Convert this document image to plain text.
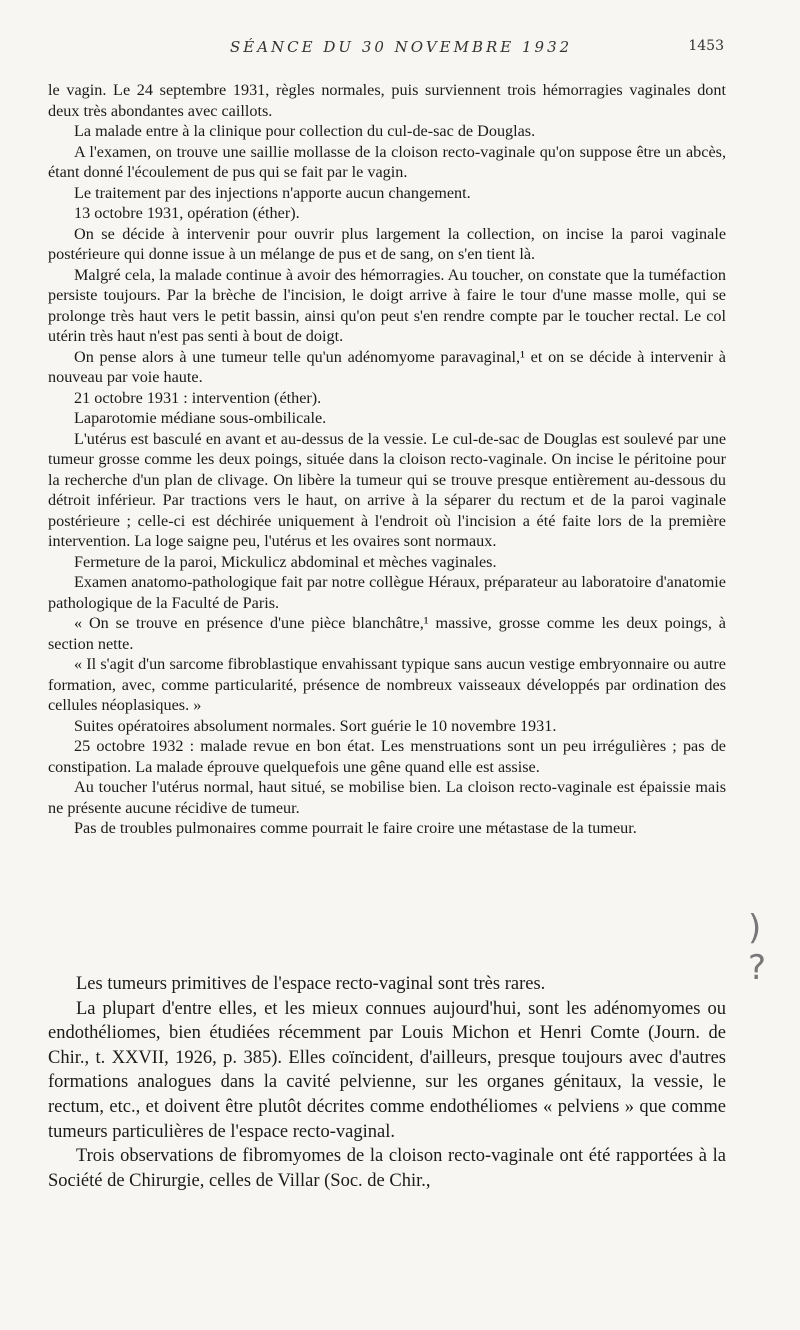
SÉANCE DU 30 NOVEMBRE 1932	1453

le vagin. Le 24 septembre 1931, règles normales, puis surviennent trois hémorragies vaginales dont deux très abondantes avec caillots.

La malade entre à la clinique pour collection du cul-de-sac de Douglas.

A l'examen, on trouve une saillie mollasse de la cloison recto-vaginale qu'on suppose être un abcès, étant donné l'écoulement de pus qui se fait par le vagin.

Le traitement par des injections n'apporte aucun changement.

13 octobre 1931, opération (éther).

On se décide à intervenir pour ouvrir plus largement la collection, on incise la paroi vaginale postérieure qui donne issue à un mélange de pus et de sang, on s'en tient là.

Malgré cela, la malade continue à avoir des hémorragies. Au toucher, on constate que la tuméfaction persiste toujours. Par la brèche de l'incision, le doigt arrive à faire le tour d'une masse molle, qui se prolonge très haut vers le petit bassin, ainsi qu'on peut s'en rendre compte par le toucher rectal. Le col utérin très haut n'est pas senti à bout de doigt.

On pense alors à une tumeur telle qu'un adénomyome paravaginal,¹ et on se décide à intervenir à nouveau par voie haute.

21 octobre 1931 : intervention (éther).

Laparotomie médiane sous-ombilicale.

L'utérus est basculé en avant et au-dessus de la vessie. Le cul-de-sac de Douglas est soulevé par une tumeur grosse comme les deux poings, située dans la cloison recto-vaginale. On incise le péritoine pour la recherche d'un plan de clivage. On libère la tumeur qui se trouve presque entièrement au-dessous du détroit inférieur. Par tractions vers le haut, on arrive à la séparer du rectum et de la paroi vaginale postérieure ; celle-ci est déchirée uniquement à l'endroit où l'incision a été faite lors de la première intervention. La loge saigne peu, l'utérus et les ovaires sont normaux.

Fermeture de la paroi, Mickulicz abdominal et mèches vaginales.

Examen anatomo-pathologique fait par notre collègue Héraux, préparateur au laboratoire d'anatomie pathologique de la Faculté de Paris.

« On se trouve en présence d'une pièce blanchâtre,¹ massive, grosse comme les deux poings, à section nette.

« Il s'agit d'un sarcome fibroblastique envahissant typique sans aucun vestige embryonnaire ou autre formation, avec, comme particularité, présence de nombreux vaisseaux développés par ordination des cellules néoplasiques. »

Suites opératoires absolument normales. Sort guérie le 10 novembre 1931.

25 octobre 1932 : malade revue en bon état. Les menstruations sont un peu irrégulières ; pas de constipation. La malade éprouve quelquefois une gêne quand elle est assise.

Au toucher l'utérus normal, haut situé, se mobilise bien. La cloison recto-vaginale est épaissie mais ne présente aucune récidive de tumeur.

Pas de troubles pulmonaires comme pourrait le faire croire une métastase de la tumeur.

Les tumeurs primitives de l'espace recto-vaginal sont très rares.

La plupart d'entre elles, et les mieux connues aujourd'hui, sont les adénomyomes ou endothéliomes, bien étudiées récemment par Louis Michon et Henri Comte (Journ. de Chir., t. XXVII, 1926, p. 385). Elles coïncident, d'ailleurs, presque toujours avec d'autres formations analogues dans la cavité pelvienne, sur les organes génitaux, la vessie, le rectum, etc., et doivent être plutôt décrites comme endothéliomes « pelviens » que comme tumeurs particulières de l'espace recto-vaginal.

Trois observations de fibromyomes de la cloison recto-vaginale ont été rapportées à la Société de Chirurgie, celles de Villar (Soc. de Chir.,

) ?
